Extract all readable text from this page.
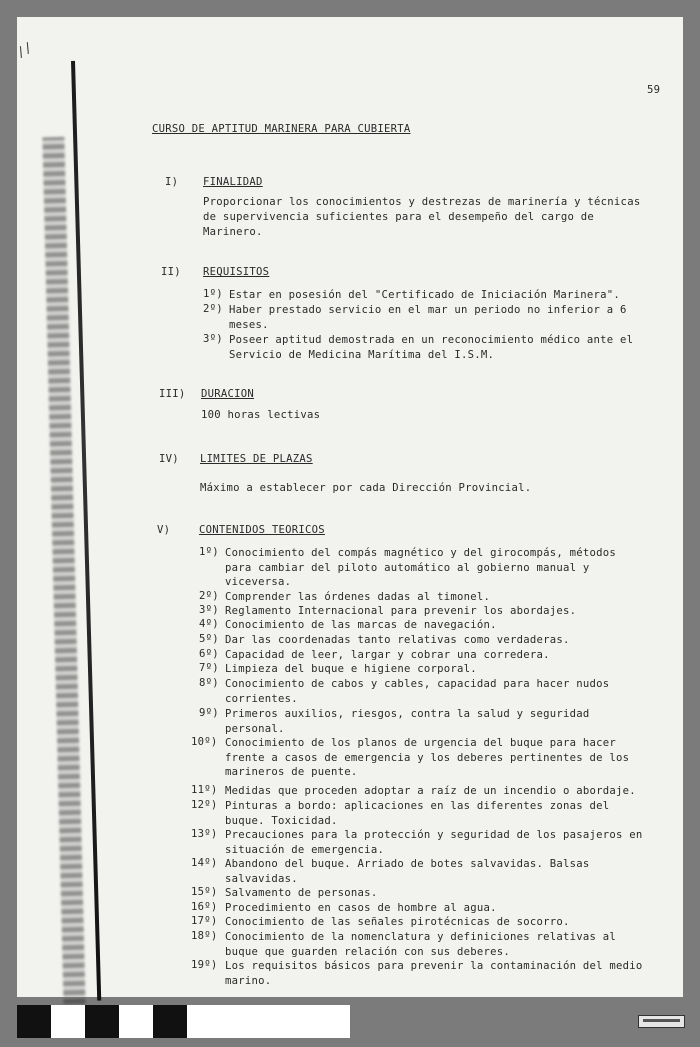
∕∕
59
CURSO DE APTITUD MARINERA PARA CUBIERTA
I) FINALIDAD
Proporcionar los conocimientos y destrezas de marinería y técnicas de supervivencia suficientes para el desempeño del cargo de Marinero.
II) REQUISITOS
1º) Estar en posesión del "Certificado de Iniciación Marinera".
2º) Haber prestado servicio en el mar un periodo no inferior a 6 meses.
3º) Poseer aptitud demostrada en un reconocimiento médico ante el Servicio de Medicina Marítima del I.S.M.
III) DURACION
100 horas lectivas
IV) LIMITES DE PLAZAS
Máximo a establecer por cada Dirección Provincial.
V)	CONTENIDOS TEORICOS
1º) Conocimiento del compás magnético y del girocompás, métodos para cambiar del piloto automático al gobierno manual y viceversa.
2º) Comprender las órdenes dadas al timonel.
3º) Reglamento Internacional para prevenir los abordajes.
4º) Conocimiento de las marcas de navegación.
5º) Dar las coordenadas tanto relativas como verdaderas.
6º) Capacidad de leer, largar y cobrar una corredera.
7º) Limpieza del buque e higiene corporal.
8º) Conocimiento de cabos y cables, capacidad para hacer nudos corrientes.
9º) Primeros auxilios, riesgos, contra la salud y seguridad personal.
10º) Conocimiento de los planos de urgencia del buque para hacer frente a casos de emergencia y los deberes pertinentes de los marineros de puente.
11º) Medidas que proceden adoptar a raíz de un incendio o abordaje.
12º) Pinturas a bordo: aplicaciones en las diferentes zonas del buque. Toxicidad.
13º) Precauciones para la protección y seguridad de los pasajeros en situación de emergencia.
14º) Abandono del buque. Arriado de botes salvavidas. Balsas salvavidas.
15º) Salvamento de personas.
16º) Procedimiento en casos de hombre al agua.
17º) Conocimiento de las señales pirotécnicas de socorro.
18º) Conocimiento de la nomenclatura y definiciones relativas al buque que guarden relación con sus deberes.
19º) Los requisitos básicos para prevenir la contaminación del medio marino.
